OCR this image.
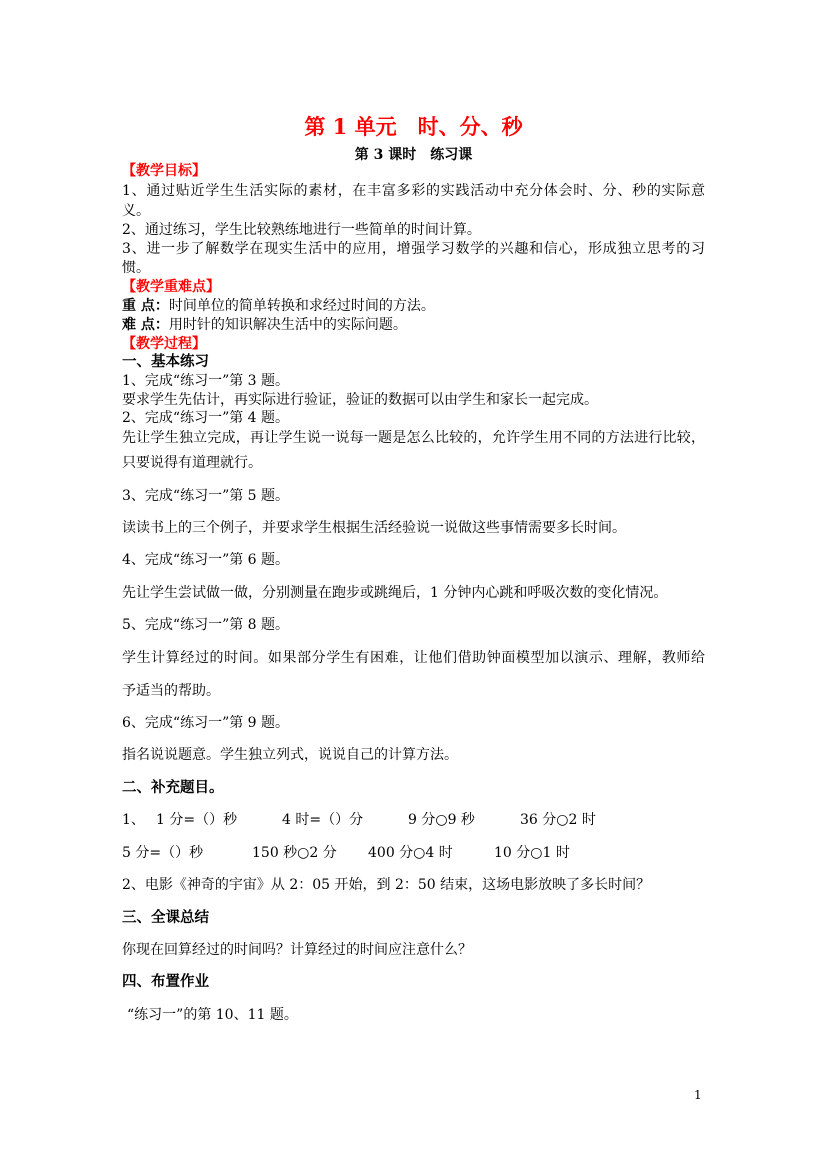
第 1 单元　时、分、秒
第 3 课时　练习课
【教学目标】
1、通过贴近学生生活实际的素材，在丰富多彩的实践活动中充分体会时、分、秒的实际意
义。
2、通过练习，学生比较熟练地进行一些简单的时间计算。
3、进一步了解数学在现实生活中的应用，增强学习数学的兴趣和信心，形成独立思考的习
惯。
【教学重难点】
重 点：时间单位的简单转换和求经过时间的方法。
难 点：用时针的知识解决生活中的实际问题。
【教学过程】
一、基本练习
1、完成“练习一”第 3 题。
要求学生先估计，再实际进行验证，验证的数据可以由学生和家长一起完成。
2、完成“练习一”第 4 题。
先让学生独立完成，再让学生说一说每一题是怎么比较的，允许学生用不同的方法进行比较，
只要说得有道理就行。
3、完成“练习一”第 5 题。
读读书上的三个例子，并要求学生根据生活经验说一说做这些事情需要多长时间。
4、完成“练习一”第 6 题。
先让学生尝试做一做，分别测量在跑步或跳绳后，1 分钟内心跳和呼吸次数的变化情况。
5、完成“练习一”第 8 题。
学生计算经过的时间。如果部分学生有困难，让他们借助钟面模型加以演示、理解，教师给
予适当的帮助。
6、完成“练习一”第 9 题。
指名说说题意。学生独立列式，说说自己的计算方法。
二、补充题目。
1、 1 分=（）秒	4 时=（）分	9 分○9 秒	36 分○2 时
5 分=（）秒	150 秒○2 分 400 分○4 时	10 分○1 时
2、电影《神奇的宇宙》从 2：05 开始，到 2：50 结束，这场电影放映了多长时间？
三、全课总结
你现在回算经过的时间吗？计算经过的时间应注意什么？
四、布置作业
“练习一”的第 10、11 题。
1
